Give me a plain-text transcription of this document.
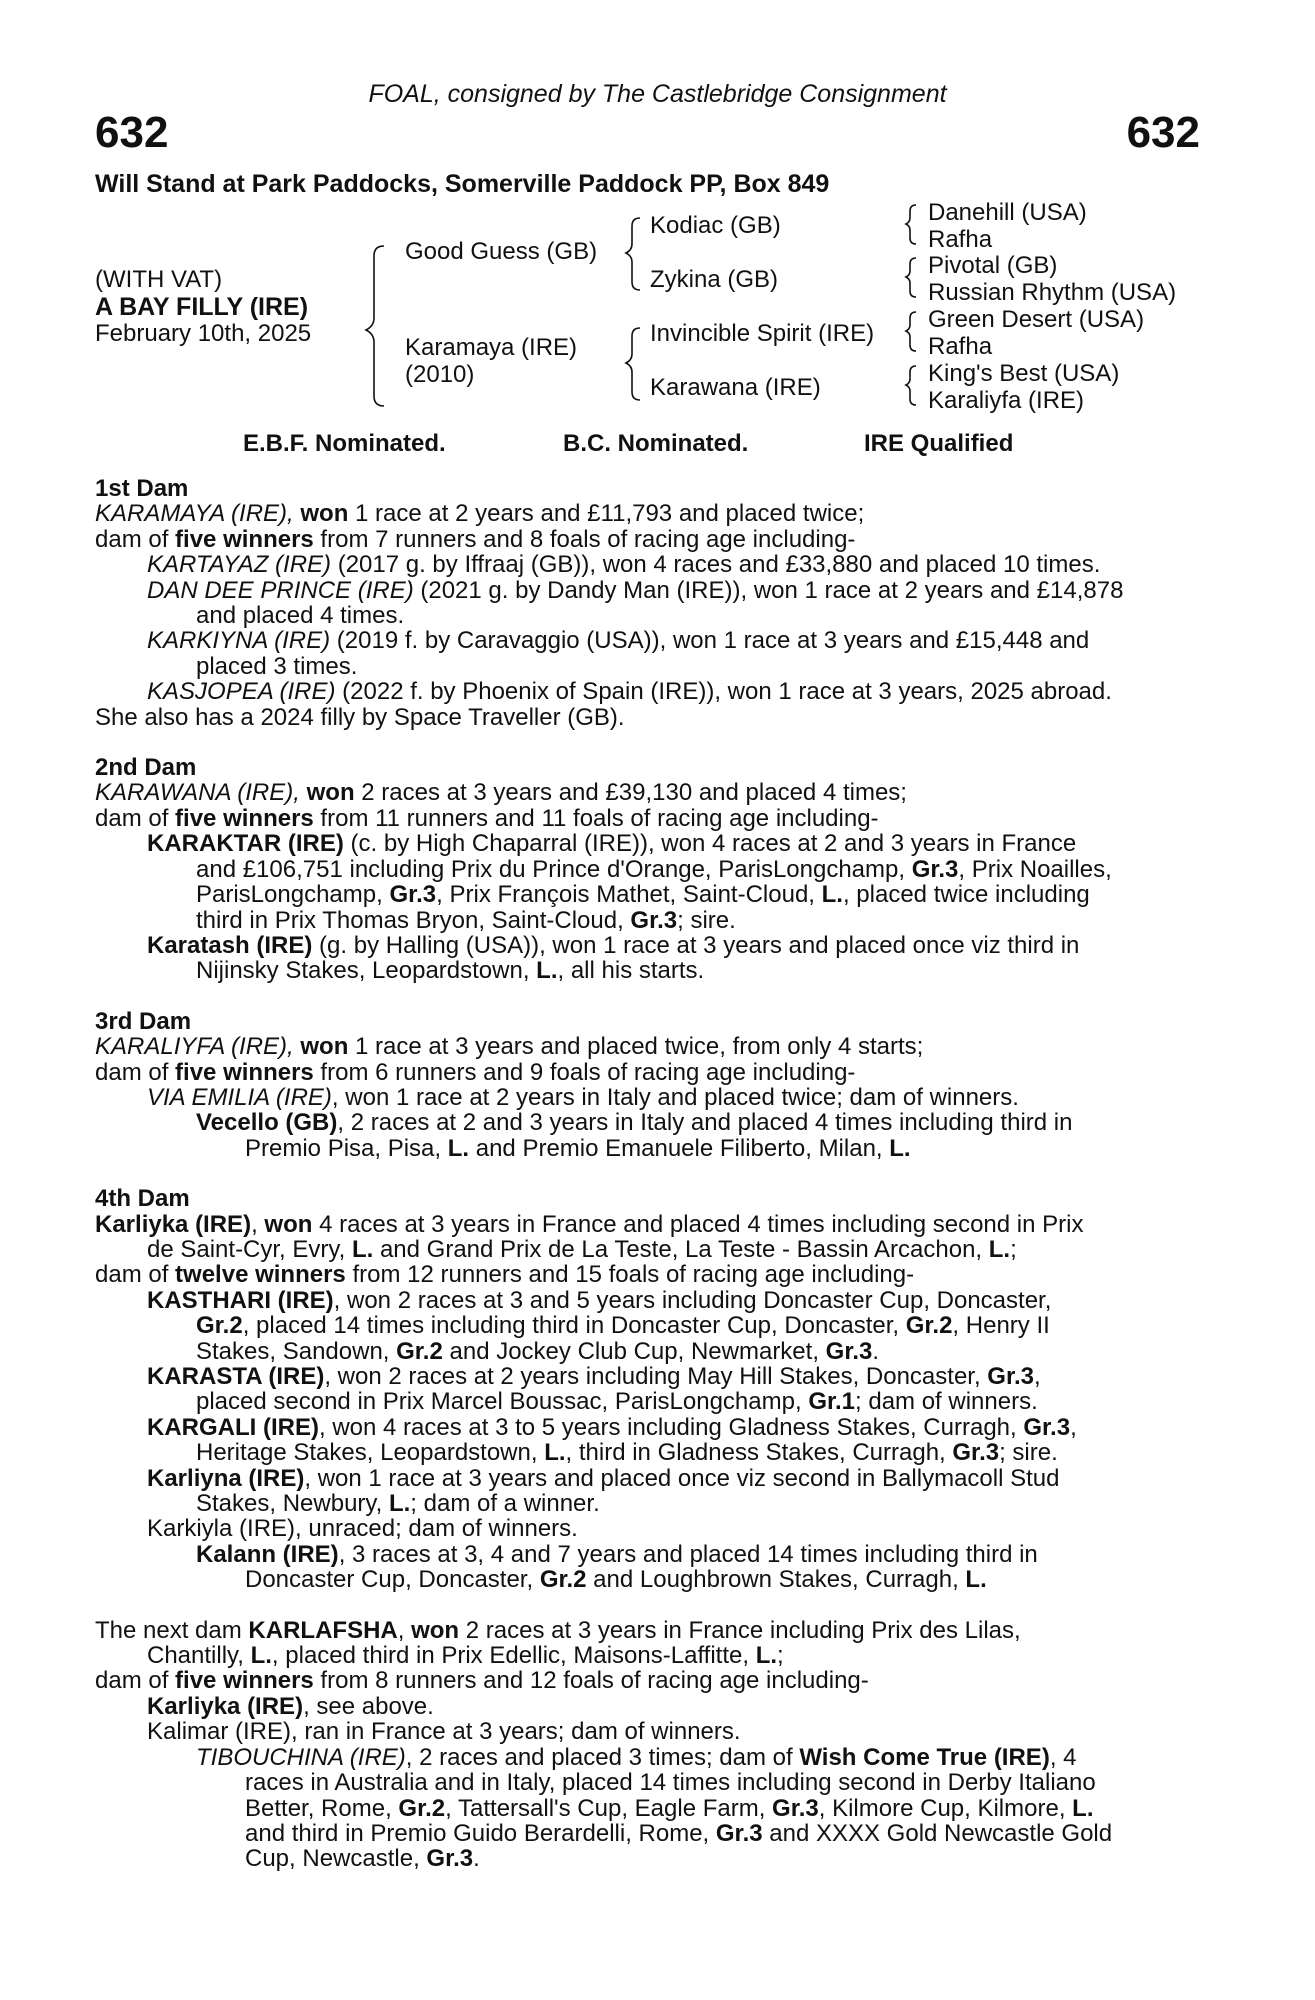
FOAL, consigned by The Castlebridge Consignment
632	632
Will Stand at Park Paddocks, Somerville Paddock PP, Box 849
(WITH VAT)
A BAY FILLY (IRE)
February 10th, 2025
Good Guess (GB)
Karamaya (IRE)
(2010)
Kodiac (GB)
Zykina (GB)
Invincible Spirit (IRE)
Karawana (IRE)
Danehill (USA)
Rafha
Pivotal (GB)
Russian Rhythm (USA)
Green Desert (USA)
Rafha
King's Best (USA)
Karaliyfa (IRE)
E.B.F. Nominated.	B.C. Nominated.	IRE Qualified
1st Dam
KARAMAYA (IRE), won 1 race at 2 years and £11,793 and placed twice;
dam of five winners from 7 runners and 8 foals of racing age including-
KARTAYAZ (IRE) (2017 g. by Iffraaj (GB)), won 4 races and £33,880 and placed 10 times.
DAN DEE PRINCE (IRE) (2021 g. by Dandy Man (IRE)), won 1 race at 2 years and £14,878
and placed 4 times.
KARKIYNA (IRE) (2019 f. by Caravaggio (USA)), won 1 race at 3 years and £15,448 and
placed 3 times.
KASJOPEA (IRE) (2022 f. by Phoenix of Spain (IRE)), won 1 race at 3 years, 2025 abroad.
She also has a 2024 filly by Space Traveller (GB).
2nd Dam
KARAWANA (IRE), won 2 races at 3 years and £39,130 and placed 4 times;
dam of five winners from 11 runners and 11 foals of racing age including-
KARAKTAR (IRE) (c. by High Chaparral (IRE)), won 4 races at 2 and 3 years in France
and £106,751 including Prix du Prince d'Orange, ParisLongchamp, Gr.3, Prix Noailles,
ParisLongchamp, Gr.3, Prix François Mathet, Saint-Cloud, L., placed twice including
third in Prix Thomas Bryon, Saint-Cloud, Gr.3; sire.
Karatash (IRE) (g. by Halling (USA)), won 1 race at 3 years and placed once viz third in
Nijinsky Stakes, Leopardstown, L., all his starts.
3rd Dam
KARALIYFA (IRE), won 1 race at 3 years and placed twice, from only 4 starts;
dam of five winners from 6 runners and 9 foals of racing age including-
VIA EMILIA (IRE), won 1 race at 2 years in Italy and placed twice; dam of winners.
Vecello (GB), 2 races at 2 and 3 years in Italy and placed 4 times including third in
Premio Pisa, Pisa, L. and Premio Emanuele Filiberto, Milan, L.
4th Dam
Karliyka (IRE), won 4 races at 3 years in France and placed 4 times including second in Prix
de Saint-Cyr, Evry, L. and Grand Prix de La Teste, La Teste - Bassin Arcachon, L.;
dam of twelve winners from 12 runners and 15 foals of racing age including-
KASTHARI (IRE), won 2 races at 3 and 5 years including Doncaster Cup, Doncaster,
Gr.2, placed 14 times including third in Doncaster Cup, Doncaster, Gr.2, Henry II
Stakes, Sandown, Gr.2 and Jockey Club Cup, Newmarket, Gr.3.
KARASTA (IRE), won 2 races at 2 years including May Hill Stakes, Doncaster, Gr.3,
placed second in Prix Marcel Boussac, ParisLongchamp, Gr.1; dam of winners.
KARGALI (IRE), won 4 races at 3 to 5 years including Gladness Stakes, Curragh, Gr.3,
Heritage Stakes, Leopardstown, L., third in Gladness Stakes, Curragh, Gr.3; sire.
Karliyna (IRE), won 1 race at 3 years and placed once viz second in Ballymacoll Stud
Stakes, Newbury, L.; dam of a winner.
Karkiyla (IRE), unraced; dam of winners.
Kalann (IRE), 3 races at 3, 4 and 7 years and placed 14 times including third in
Doncaster Cup, Doncaster, Gr.2 and Loughbrown Stakes, Curragh, L.
The next dam KARLAFSHA, won 2 races at 3 years in France including Prix des Lilas,
Chantilly, L., placed third in Prix Edellic, Maisons-Laffitte, L.;
dam of five winners from 8 runners and 12 foals of racing age including-
Karliyka (IRE), see above.
Kalimar (IRE), ran in France at 3 years; dam of winners.
TIBOUCHINA (IRE), 2 races and placed 3 times; dam of Wish Come True (IRE), 4
races in Australia and in Italy, placed 14 times including second in Derby Italiano
Better, Rome, Gr.2, Tattersall's Cup, Eagle Farm, Gr.3, Kilmore Cup, Kilmore, L.
and third in Premio Guido Berardelli, Rome, Gr.3 and XXXX Gold Newcastle Gold
Cup, Newcastle, Gr.3.
